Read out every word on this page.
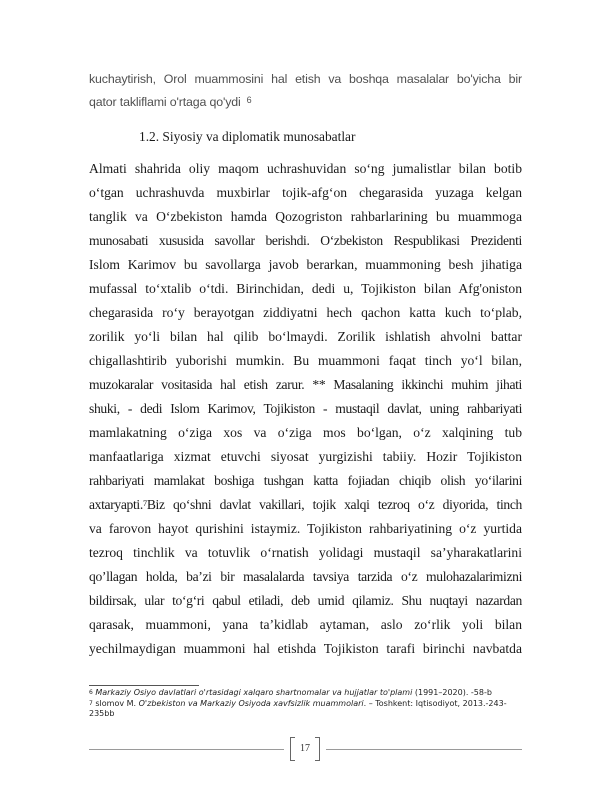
kuchaytirish, Orol muammosini hal etish va boshqa masalalar bo'yicha bir
qator takliflami o'rtaga qo'ydi $^6$
1.2. Siyosiy va diplomatik munosabatlar
Almati shahrida oliy maqom uchrashuvidan so‘ng jumalistlar bilan botib
o‘tgan uchrashuvda muxbirlar tojik-afg‘on chegarasida yuzaga kelgan
tanglik va O‘zbekiston hamda Qozogriston rahbarlarining bu muammoga
munosabati xususida savollar berishdi. O‘zbekiston Respublikasi Prezidenti
Islom Karimov bu savollarga javob berarkan, muammoning besh jihatiga
mufassal to‘xtalib o‘tdi. Birinchidan, dedi u, Tojikiston bilan Afg'oniston
chegarasida ro‘y berayotgan ziddiyatni hech qachon katta kuch to‘plab,
zorilik yo‘li bilan hal qilib bo‘lmaydi. Zorilik ishlatish ahvolni battar
chigallashtirib yuborishi mumkin. Bu muammoni faqat tinch yo‘l bilan,
muzokaralar vositasida hal etish zarur. ** Masalaning ikkinchi muhim jihati
shuki, - dedi Islom Karimov, Tojikiston - mustaqil davlat, uning rahbariyati
mamlakatning o‘ziga xos va o‘ziga mos bo‘lgan, o‘z xalqining tub
manfaatlariga xizmat etuvchi siyosat yurgizishi tabiiy. Hozir Tojikiston
rahbariyati mamlakat boshiga tushgan katta fojiadan chiqib olish yo‘ilarini
axtaryapti.$^7$Biz qo‘shni davlat vakillari, tojik xalqi tezroq o‘z diyorida, tinch
va farovon hayot qurishini istaymiz. Tojikiston rahbariyatining o‘z yurtida
tezroq tinchlik va totuvlik o‘rnatish yolidagi mustaqil sa’yharakatlarini
qo’llagan holda, ba’zi bir masalalarda tavsiya tarzida o‘z mulohazalarimizni
bildirsak, ular to‘g‘ri qabul etiladi, deb umid qilamiz. Shu nuqtayi nazardan
qarasak, muammoni, yana ta’kidlab aytaman, aslo zo‘rlik yoli bilan
yechilmaydigan muammoni hal etishda Tojikiston tarafi birinchi navbatda
$^6$ Markaziy Osiyo davlatlari o'rtasidagi xalqaro shartnomalar va hujjatlar to'plami (1991–2020). -58-b
$^7$ slomov M. O'zbekiston va Markaziy Osiyoda xavfsizlik muammolari. – Toshkent: Iqtisodiyot, 2013.-243-
235bb
17
